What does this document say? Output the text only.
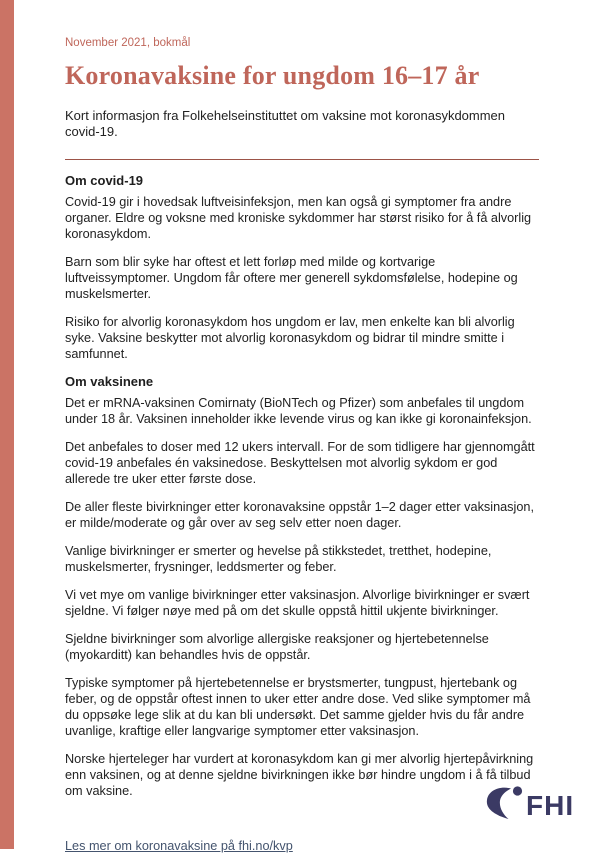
November 2021, bokmål
Koronavaksine for ungdom 16–17 år
Kort informasjon fra Folkehelseinstituttet om vaksine mot koronasykdommen covid-19.
Om covid-19

Covid-19 gir i hovedsak luftveisinfeksjon, men kan også gi symptomer fra andre organer. Eldre og voksne med kroniske sykdommer har størst risiko for å få alvorlig koronasykdom.

Barn som blir syke har oftest et lett forløp med milde og kortvarige luftveissymptomer. Ungdom får oftere mer generell sykdomsfølelse, hodepine og muskelsmerter.

Risiko for alvorlig koronasykdom hos ungdom er lav, men enkelte kan bli alvorlig syke. Vaksine beskytter mot alvorlig koronasykdom og bidrar til mindre smitte i samfunnet.

Om vaksinene

Det er mRNA-vaksinen Comirnaty (BioNTech og Pfizer) som anbefales til ungdom under 18 år. Vaksinen inneholder ikke levende virus og kan ikke gi koronainfeksjon.

Det anbefales to doser med 12 ukers intervall. For de som tidligere har gjennomgått covid-19 anbefales én vaksinedose. Beskyttelsen mot alvorlig sykdom er god allerede tre uker etter første dose.

De aller fleste bivirkninger etter koronavaksine oppstår 1–2 dager etter vaksinasjon, er milde/moderate og går over av seg selv etter noen dager.

Vanlige bivirkninger er smerter og hevelse på stikkstedet, tretthet, hodepine, muskelsmerter, frysninger, leddsmerter og feber.

Vi vet mye om vanlige bivirkninger etter vaksinasjon. Alvorlige bivirkninger er svært sjeldne. Vi følger nøye med på om det skulle oppstå hittil ukjente bivirkninger.

Sjeldne bivirkninger som alvorlige allergiske reaksjoner og hjertebetennelse (myokarditt) kan behandles hvis de oppstår.

Typiske symptomer på hjertebetennelse er brystsmerter, tungpust, hjertebank og feber, og de oppstår oftest innen to uker etter andre dose. Ved slike symptomer må du oppsøke lege slik at du kan bli undersøkt. Det samme gjelder hvis du får andre uvanlige, kraftige eller langvarige symptomer etter vaksinasjon.

Norske hjerteleger har vurdert at koronasykdom kan gi mer alvorlig hjertepåvirkning enn vaksinen, og at denne sjeldne bivirkningen ikke bør hindre ungdom i å få tilbud om vaksine.

Les mer om koronavaksine på fhi.no/kvp
FHI
